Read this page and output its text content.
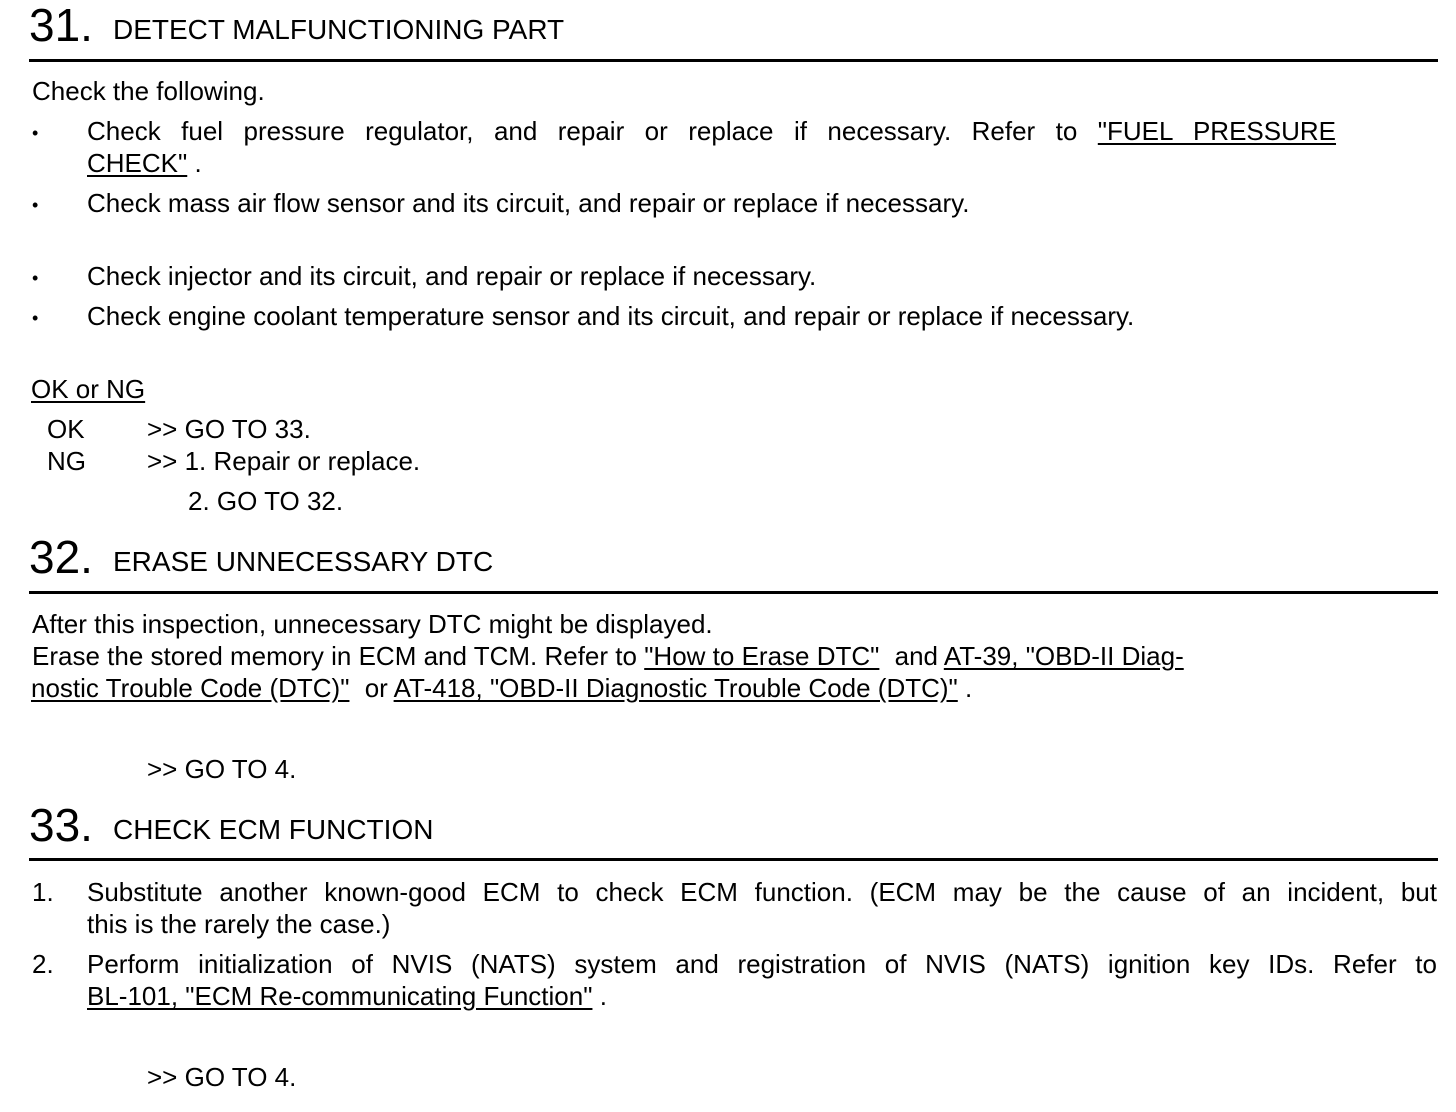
31. DETECT MALFUNCTIONING PART
Check the following.
• Check fuel pressure regulator, and repair or replace if necessary. Refer to "FUEL PRESSURE
CHECK" .
• Check mass air flow sensor and its circuit, and repair or replace if necessary.
• Check injector and its circuit, and repair or replace if necessary.
• Check engine coolant temperature sensor and its circuit, and repair or replace if necessary.
OK or NG
OK >> GO TO 33.
NG >> 1. Repair or replace.
2. GO TO 32.
32. ERASE UNNECESSARY DTC
After this inspection, unnecessary DTC might be displayed.
Erase the stored memory in ECM and TCM. Refer to "How to Erase DTC" and AT-39, "OBD-II Diag-
nostic Trouble Code (DTC)" or AT-418, "OBD-II Diagnostic Trouble Code (DTC)" .
>> GO TO 4.
33. CHECK ECM FUNCTION
1. Substitute another known-good ECM to check ECM function. (ECM may be the cause of an incident, but
this is the rarely the case.)
2. Perform initialization of NVIS (NATS) system and registration of NVIS (NATS) ignition key IDs. Refer to
BL-101, "ECM Re-communicating Function" .
>> GO TO 4.
